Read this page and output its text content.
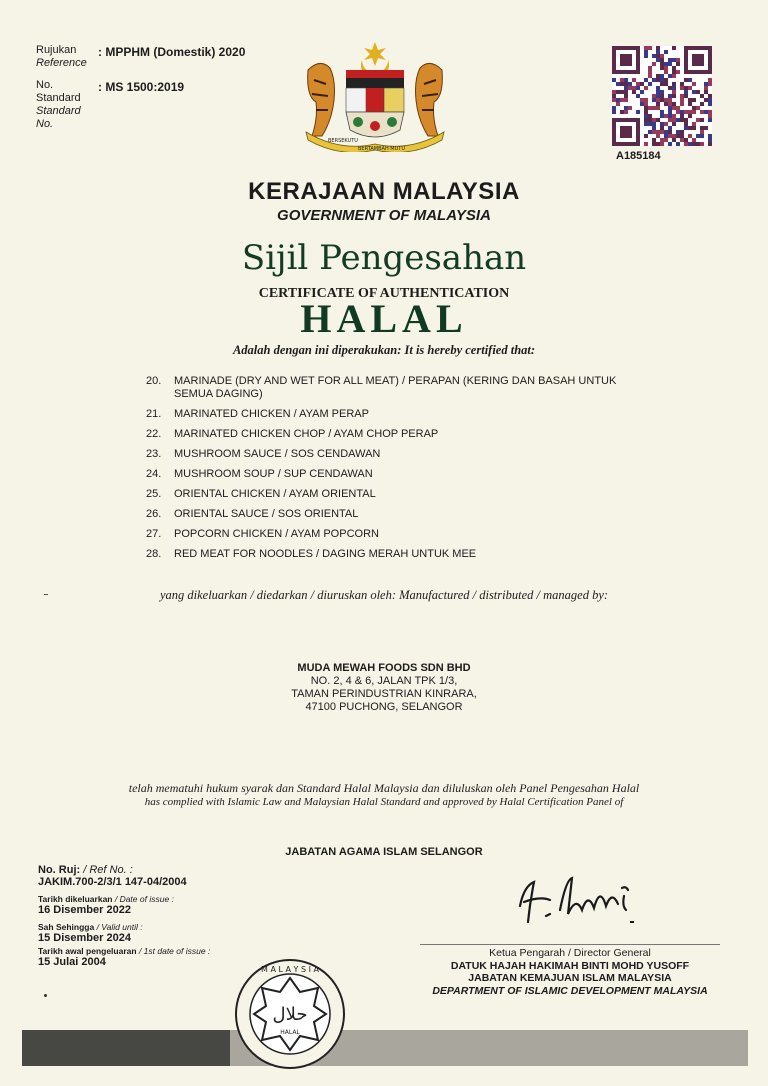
Rujukan
Reference
: MPPHM (Domestik) 2020
No.
Standard
Standard
No.
: MS 1500:2019
BERSEKUTU
BERTAMBAH MUTU
A185184
KERAJAAN MALAYSIA
GOVERNMENT OF MALAYSIA
Sijil Pengesahan
CERTIFICATE OF AUTHENTICATION
HALAL
Adalah dengan ini diperakukan: It is hereby certified that:
20.	MARINADE (DRY AND WET FOR ALL MEAT) / PERAPAN (KERING DAN BASAH UNTUK SEMUA DAGING)
21.	MARINATED CHICKEN / AYAM PERAP
22.	MARINATED CHICKEN CHOP / AYAM CHOP PERAP
23.	MUSHROOM SAUCE / SOS CENDAWAN
24.	MUSHROOM SOUP / SUP CENDAWAN
25.	ORIENTAL CHICKEN / AYAM ORIENTAL
26.	ORIENTAL SAUCE / SOS ORIENTAL
27.	POPCORN CHICKEN / AYAM POPCORN
28.	RED MEAT FOR NOODLES / DAGING MERAH UNTUK MEE
yang dikeluarkan / diedarkan / diuruskan oleh: Manufactured / distributed / managed by:
MUDA MEWAH FOODS SDN BHD
NO. 2, 4 & 6, JALAN TPK 1/3,
TAMAN PERINDUSTRIAN KINRARA,
47100 PUCHONG, SELANGOR
telah mematuhi hukum syarak dan Standard Halal Malaysia dan diluluskan oleh Panel Pengesahan Halal
has complied with Islamic Law and Malaysian Halal Standard and approved by Halal Certification Panel of
JABATAN AGAMA ISLAM SELANGOR
No. Ruj: / Ref No. :
JAKIM.700-2/3/1 147-04/2004
Tarikh dikeluarkan / Date of issue :
16 Disember 2022
Sah Sehingga / Valid until :
15 Disember 2024
Tarikh awal pengeluaran / 1st date of issue :
15 Julai 2004
Ketua Pengarah / Director General
DATUK HAJAH HAKIMAH BINTI MOHD YUSOFF
JABATAN KEMAJUAN ISLAM MALAYSIA
DEPARTMENT OF ISLAMIC DEVELOPMENT MALAYSIA
M A L A Y S I A
حلال
HALAL
